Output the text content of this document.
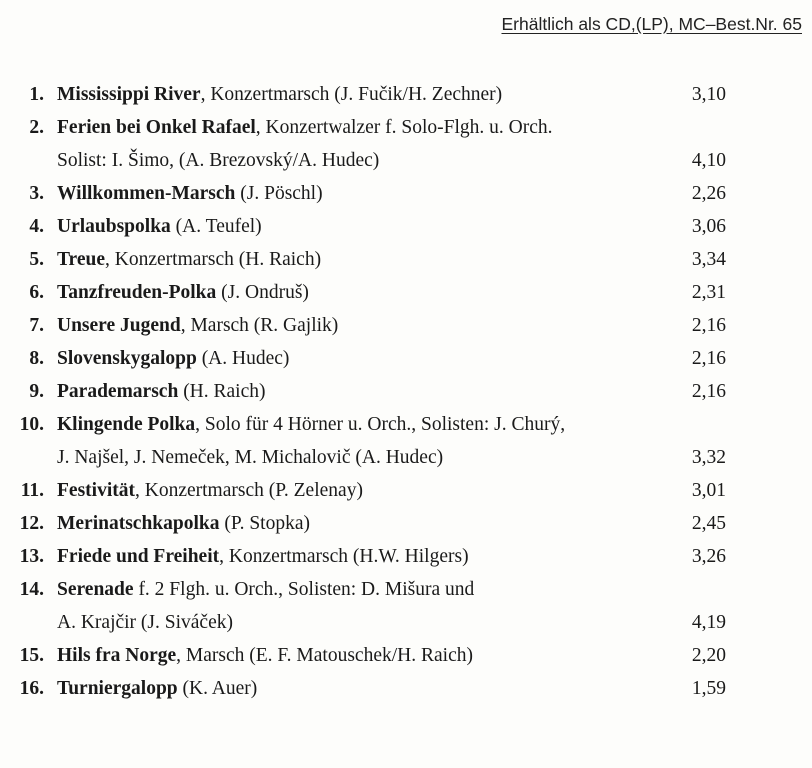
Erhältlich als CD,(LP), MC–Best.Nr. 65
1. Mississippi River, Konzertmarsch (J. Fučik/H. Zechner)	3,10
2. Ferien bei Onkel Rafael, Konzertwalzer f. Solo-Flgh. u. Orch.
Solist: I. Šimo, (A. Brezovský/A. Hudec)	4,10
3. Willkommen-Marsch (J. Pöschl)	2,26
4. Urlaubspolka (A. Teufel)	3,06
5. Treue, Konzertmarsch (H. Raich)	3,34
6. Tanzfreuden-Polka (J. Ondruš)	2,31
7. Unsere Jugend, Marsch (R. Gajlik)	2,16
8. Slovenskygalopp (A. Hudec)	2,16
9. Parademarsch (H. Raich)	2,16
10. Klingende Polka, Solo für 4 Hörner u. Orch., Solisten: J. Churý,
J. Najšel, J. Nemeček, M. Michalovič (A. Hudec)	3,32
11. Festivität, Konzertmarsch (P. Zelenay)	3,01
12. Merinatschkapolka (P. Stopka)	2,45
13. Friede und Freiheit, Konzertmarsch (H.W. Hilgers)	3,26
14. Serenade f. 2 Flgh. u. Orch., Solisten: D. Mišura und
A. Krajčir (J. Siváček)	4,19
15. Hils fra Norge, Marsch (E. F. Matouschek/H. Raich)	2,20
16. Turniergalopp (K. Auer)	1,59
